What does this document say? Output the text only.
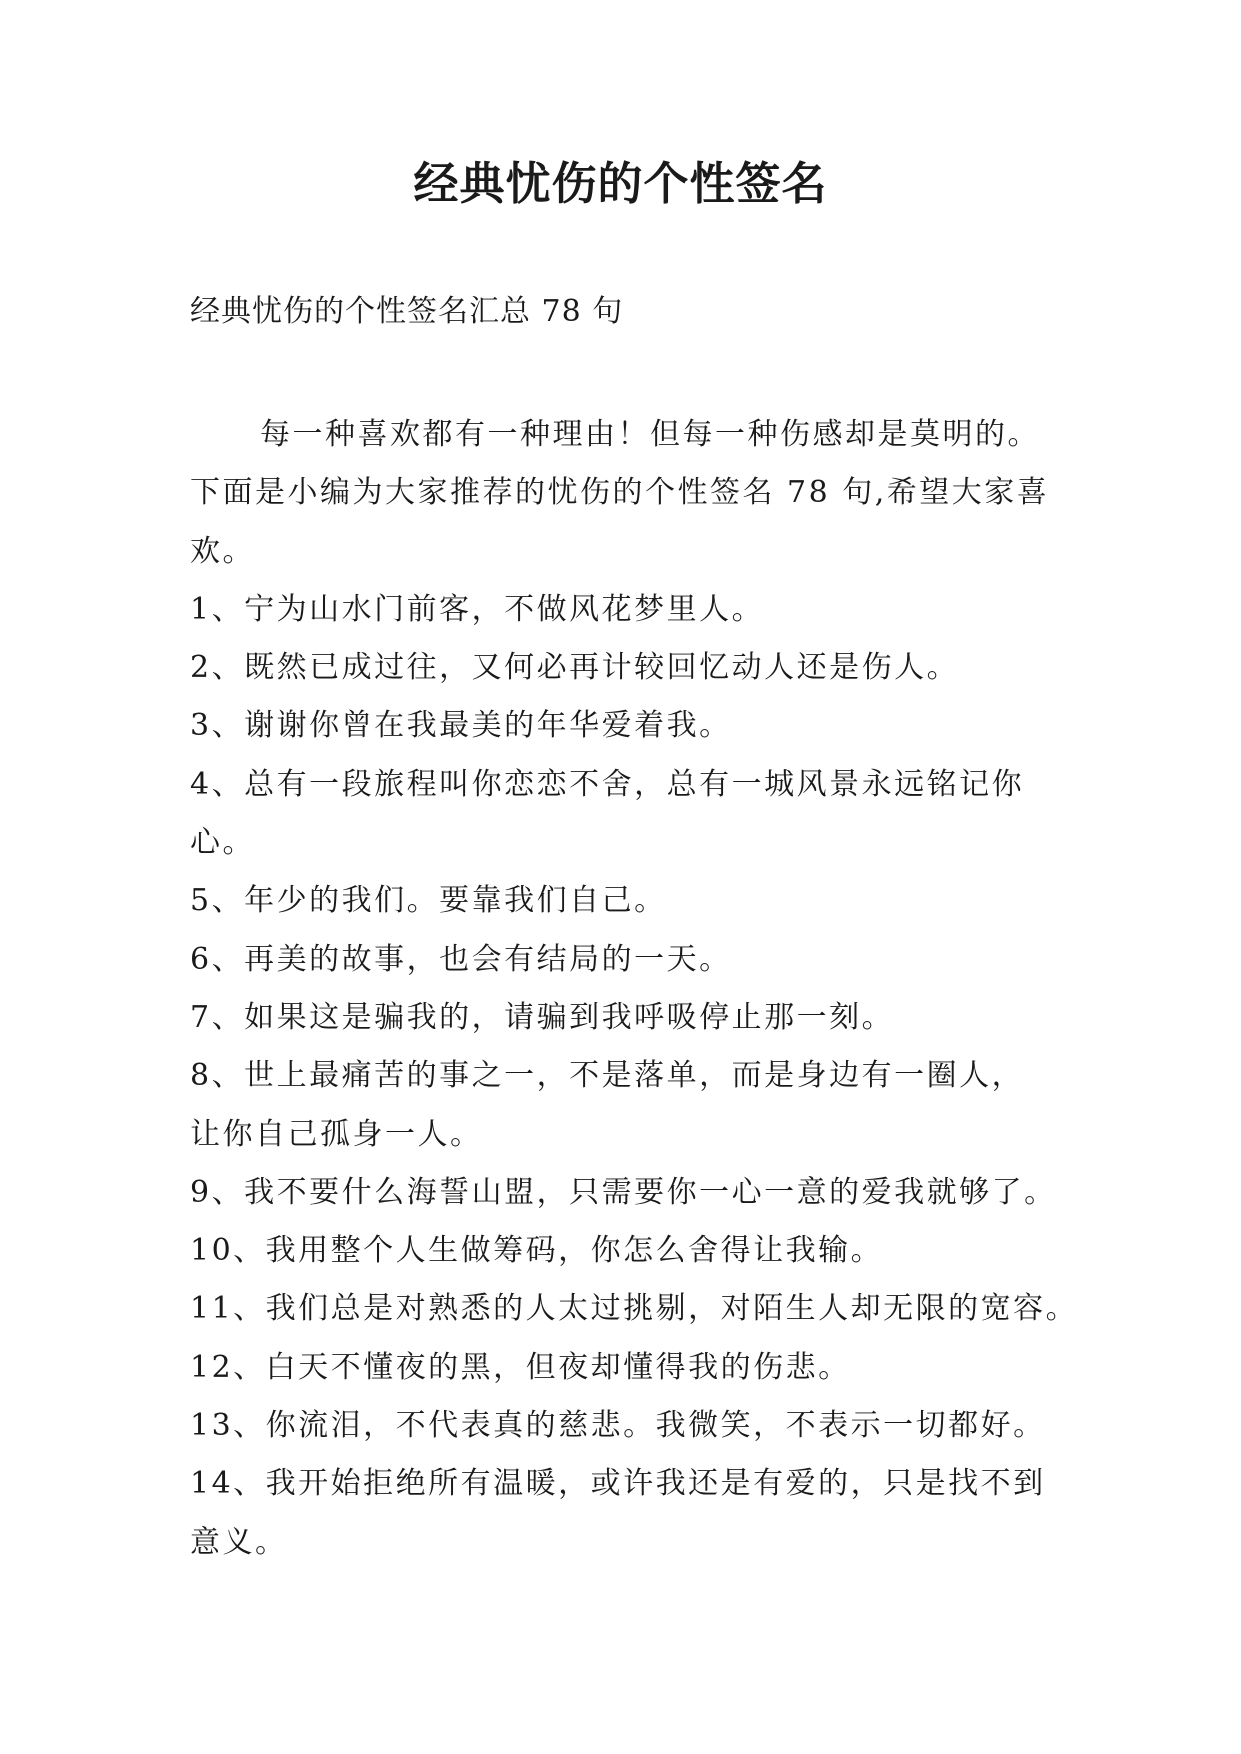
经典忧伤的个性签名
经典忧伤的个性签名汇总 78 句
每一种喜欢都有一种理由！但每一种伤感却是莫明的。
下面是小编为大家推荐的忧伤的个性签名 78 句,希望大家喜
欢。
1、宁为山水门前客，不做风花梦里人。
2、既然已成过往，又何必再计较回忆动人还是伤人。
3、谢谢你曾在我最美的年华爱着我。
4、总有一段旅程叫你恋恋不舍，总有一城风景永远铭记你
心。
5、年少的我们。要靠我们自己。
6、再美的故事，也会有结局的一天。
7、如果这是骗我的，请骗到我呼吸停止那一刻。
8、世上最痛苦的事之一，不是落单，而是身边有一圈人，
让你自己孤身一人。
9、我不要什么海誓山盟，只需要你一心一意的爱我就够了。
10、我用整个人生做筹码，你怎么舍得让我输。
11、我们总是对熟悉的人太过挑剔，对陌生人却无限的宽容。
12、白天不懂夜的黑，但夜却懂得我的伤悲。
13、你流泪，不代表真的慈悲。我微笑，不表示一切都好。
14、我开始拒绝所有温暖，或许我还是有爱的，只是找不到
意义。
